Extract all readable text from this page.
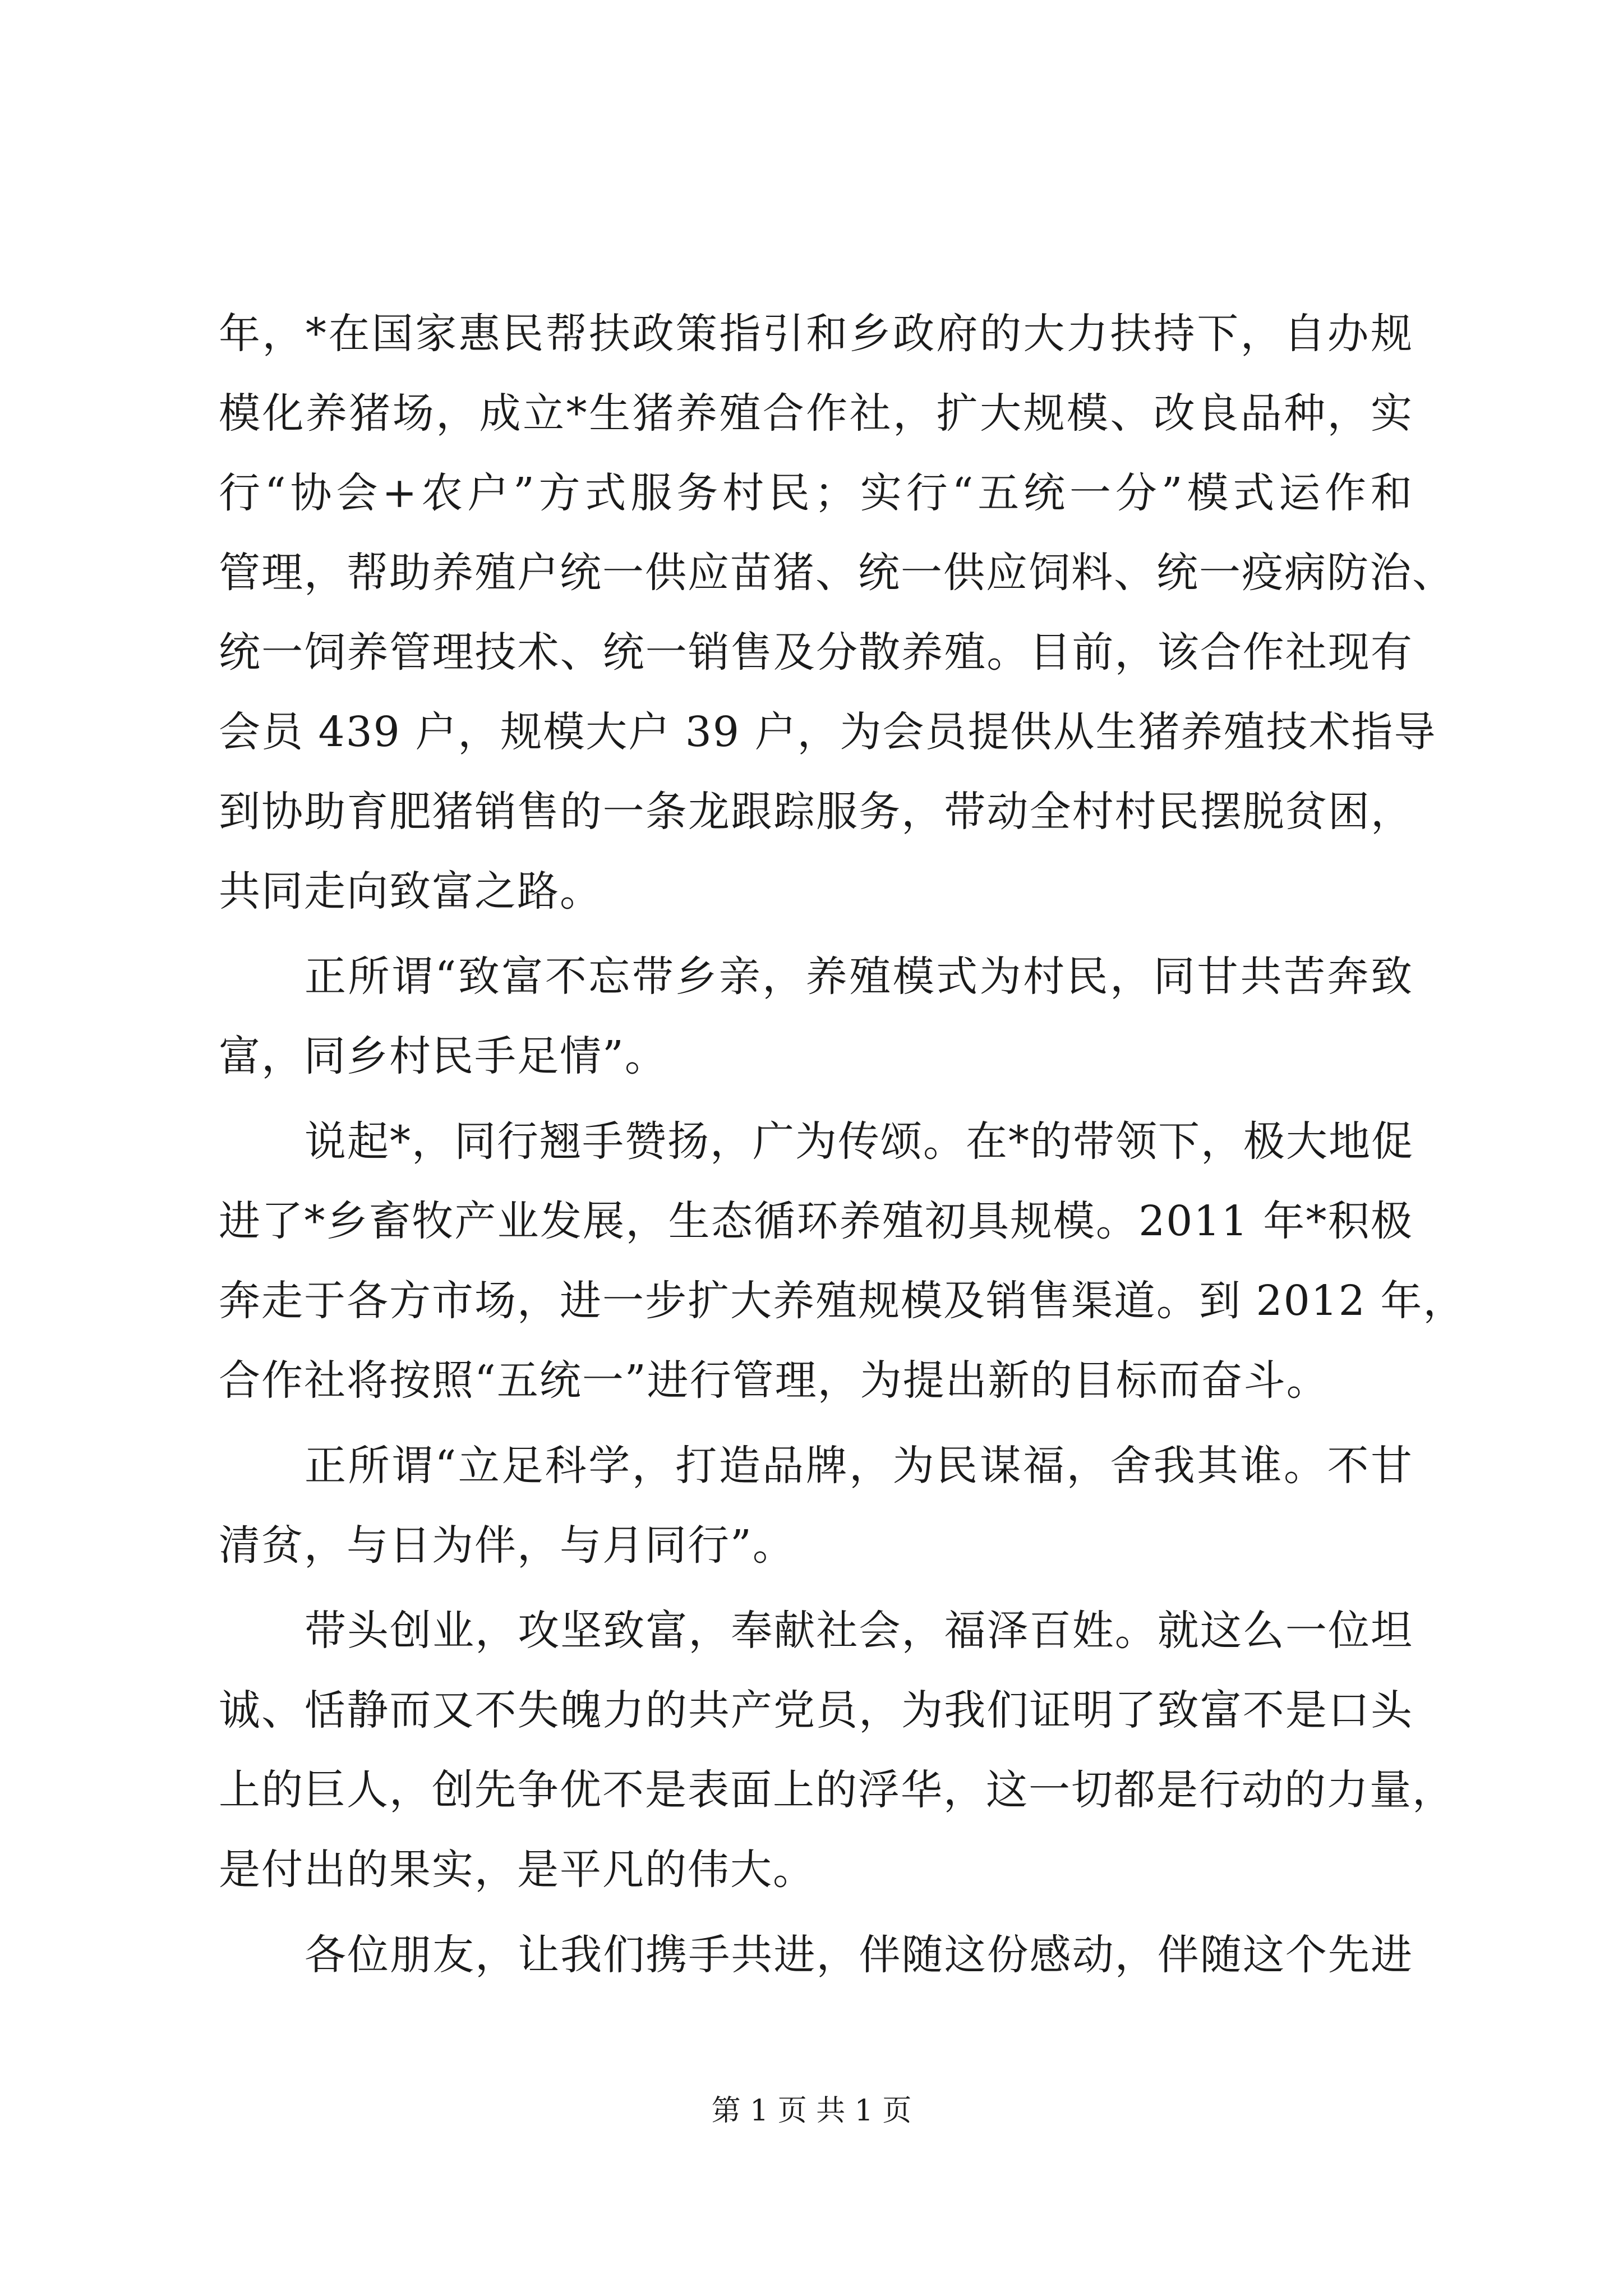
年，*在国家惠民帮扶政策指引和乡政府的大力扶持下，自办规
模化养猪场，成立*生猪养殖合作社，扩大规模、改良品种，实
行“协会+农户”方式服务村民；实行“五统一分”模式运作和
管理，帮助养殖户统一供应苗猪、统一供应饲料、统一疫病防治、
统一饲养管理技术、统一销售及分散养殖。目前，该合作社现有
会员 439 户，规模大户 39 户，为会员提供从生猪养殖技术指导
到协助育肥猪销售的一条龙跟踪服务，带动全村村民摆脱贫困，
共同走向致富之路。
正所谓“致富不忘带乡亲，养殖模式为村民，同甘共苦奔致
富，同乡村民手足情”。
说起*，同行翘手赞扬，广为传颂。在*的带领下，极大地促
进了*乡畜牧产业发展，生态循环养殖初具规模。2011 年*积极
奔走于各方市场，进一步扩大养殖规模及销售渠道。到 2012 年，
合作社将按照“五统一”进行管理，为提出新的目标而奋斗。
正所谓“立足科学，打造品牌，为民谋福，舍我其谁。不甘
清贫，与日为伴，与月同行”。
带头创业，攻坚致富，奉献社会，福泽百姓。就这么一位坦
诚、恬静而又不失魄力的共产党员，为我们证明了致富不是口头
上的巨人，创先争优不是表面上的浮华，这一切都是行动的力量，
是付出的果实，是平凡的伟大。
各位朋友，让我们携手共进，伴随这份感动，伴随这个先进
第 1 页 共 1 页
